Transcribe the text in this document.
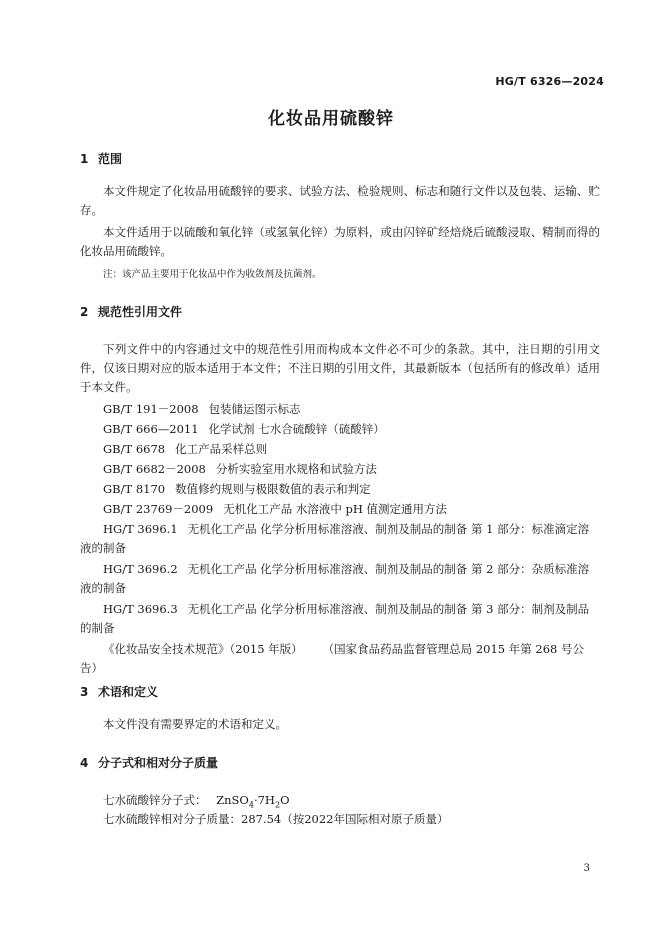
HG/T 6326—2024
化妆品用硫酸锌
1 范围
本文件规定了化妆品用硫酸锌的要求、试验方法、检验规则、标志和随行文件以及包装、运输、贮存。
本文件适用于以硫酸和氧化锌（或氢氧化锌）为原料，或由闪锌矿经焙烧后硫酸浸取、精制而得的化妆品用硫酸锌。
注：该产品主要用于化妆品中作为收敛剂及抗菌剂。
2 规范性引用文件
下列文件中的内容通过文中的规范性引用而构成本文件必不可少的条款。其中，注日期的引用文件，仅该日期对应的版本适用于本文件；不注日期的引用文件，其最新版本（包括所有的修改单）适用于本文件。
GB/T 191－2008 包装储运图示标志
GB/T 666—2011 化学试剂 七水合硫酸锌（硫酸锌）
GB/T 6678 化工产品采样总则
GB/T 6682－2008 分析实验室用水规格和试验方法
GB/T 8170 数值修约规则与极限数值的表示和判定
GB/T 23769－2009 无机化工产品 水溶液中 pH 值测定通用方法
HG/T 3696.1 无机化工产品 化学分析用标准溶液、制剂及制品的制备 第 1 部分：标准滴定溶液的制备
HG/T 3696.2 无机化工产品 化学分析用标准溶液、制剂及制品的制备 第 2 部分：杂质标准溶液的制备
HG/T 3696.3 无机化工产品 化学分析用标准溶液、制剂及制品的制备 第 3 部分：制剂及制品的制备
《化妆品安全技术规范》（2015 年版） （国家食品药品监督管理总局 2015 年第 268 号公告）
3 术语和定义
本文件没有需要界定的术语和定义。
4 分子式和相对分子质量
七水硫酸锌分子式： $ZnSO_4\cdot 7H_2O$
七水硫酸锌相对分子质量：287.54（按2022年国际相对原子质量）
3
